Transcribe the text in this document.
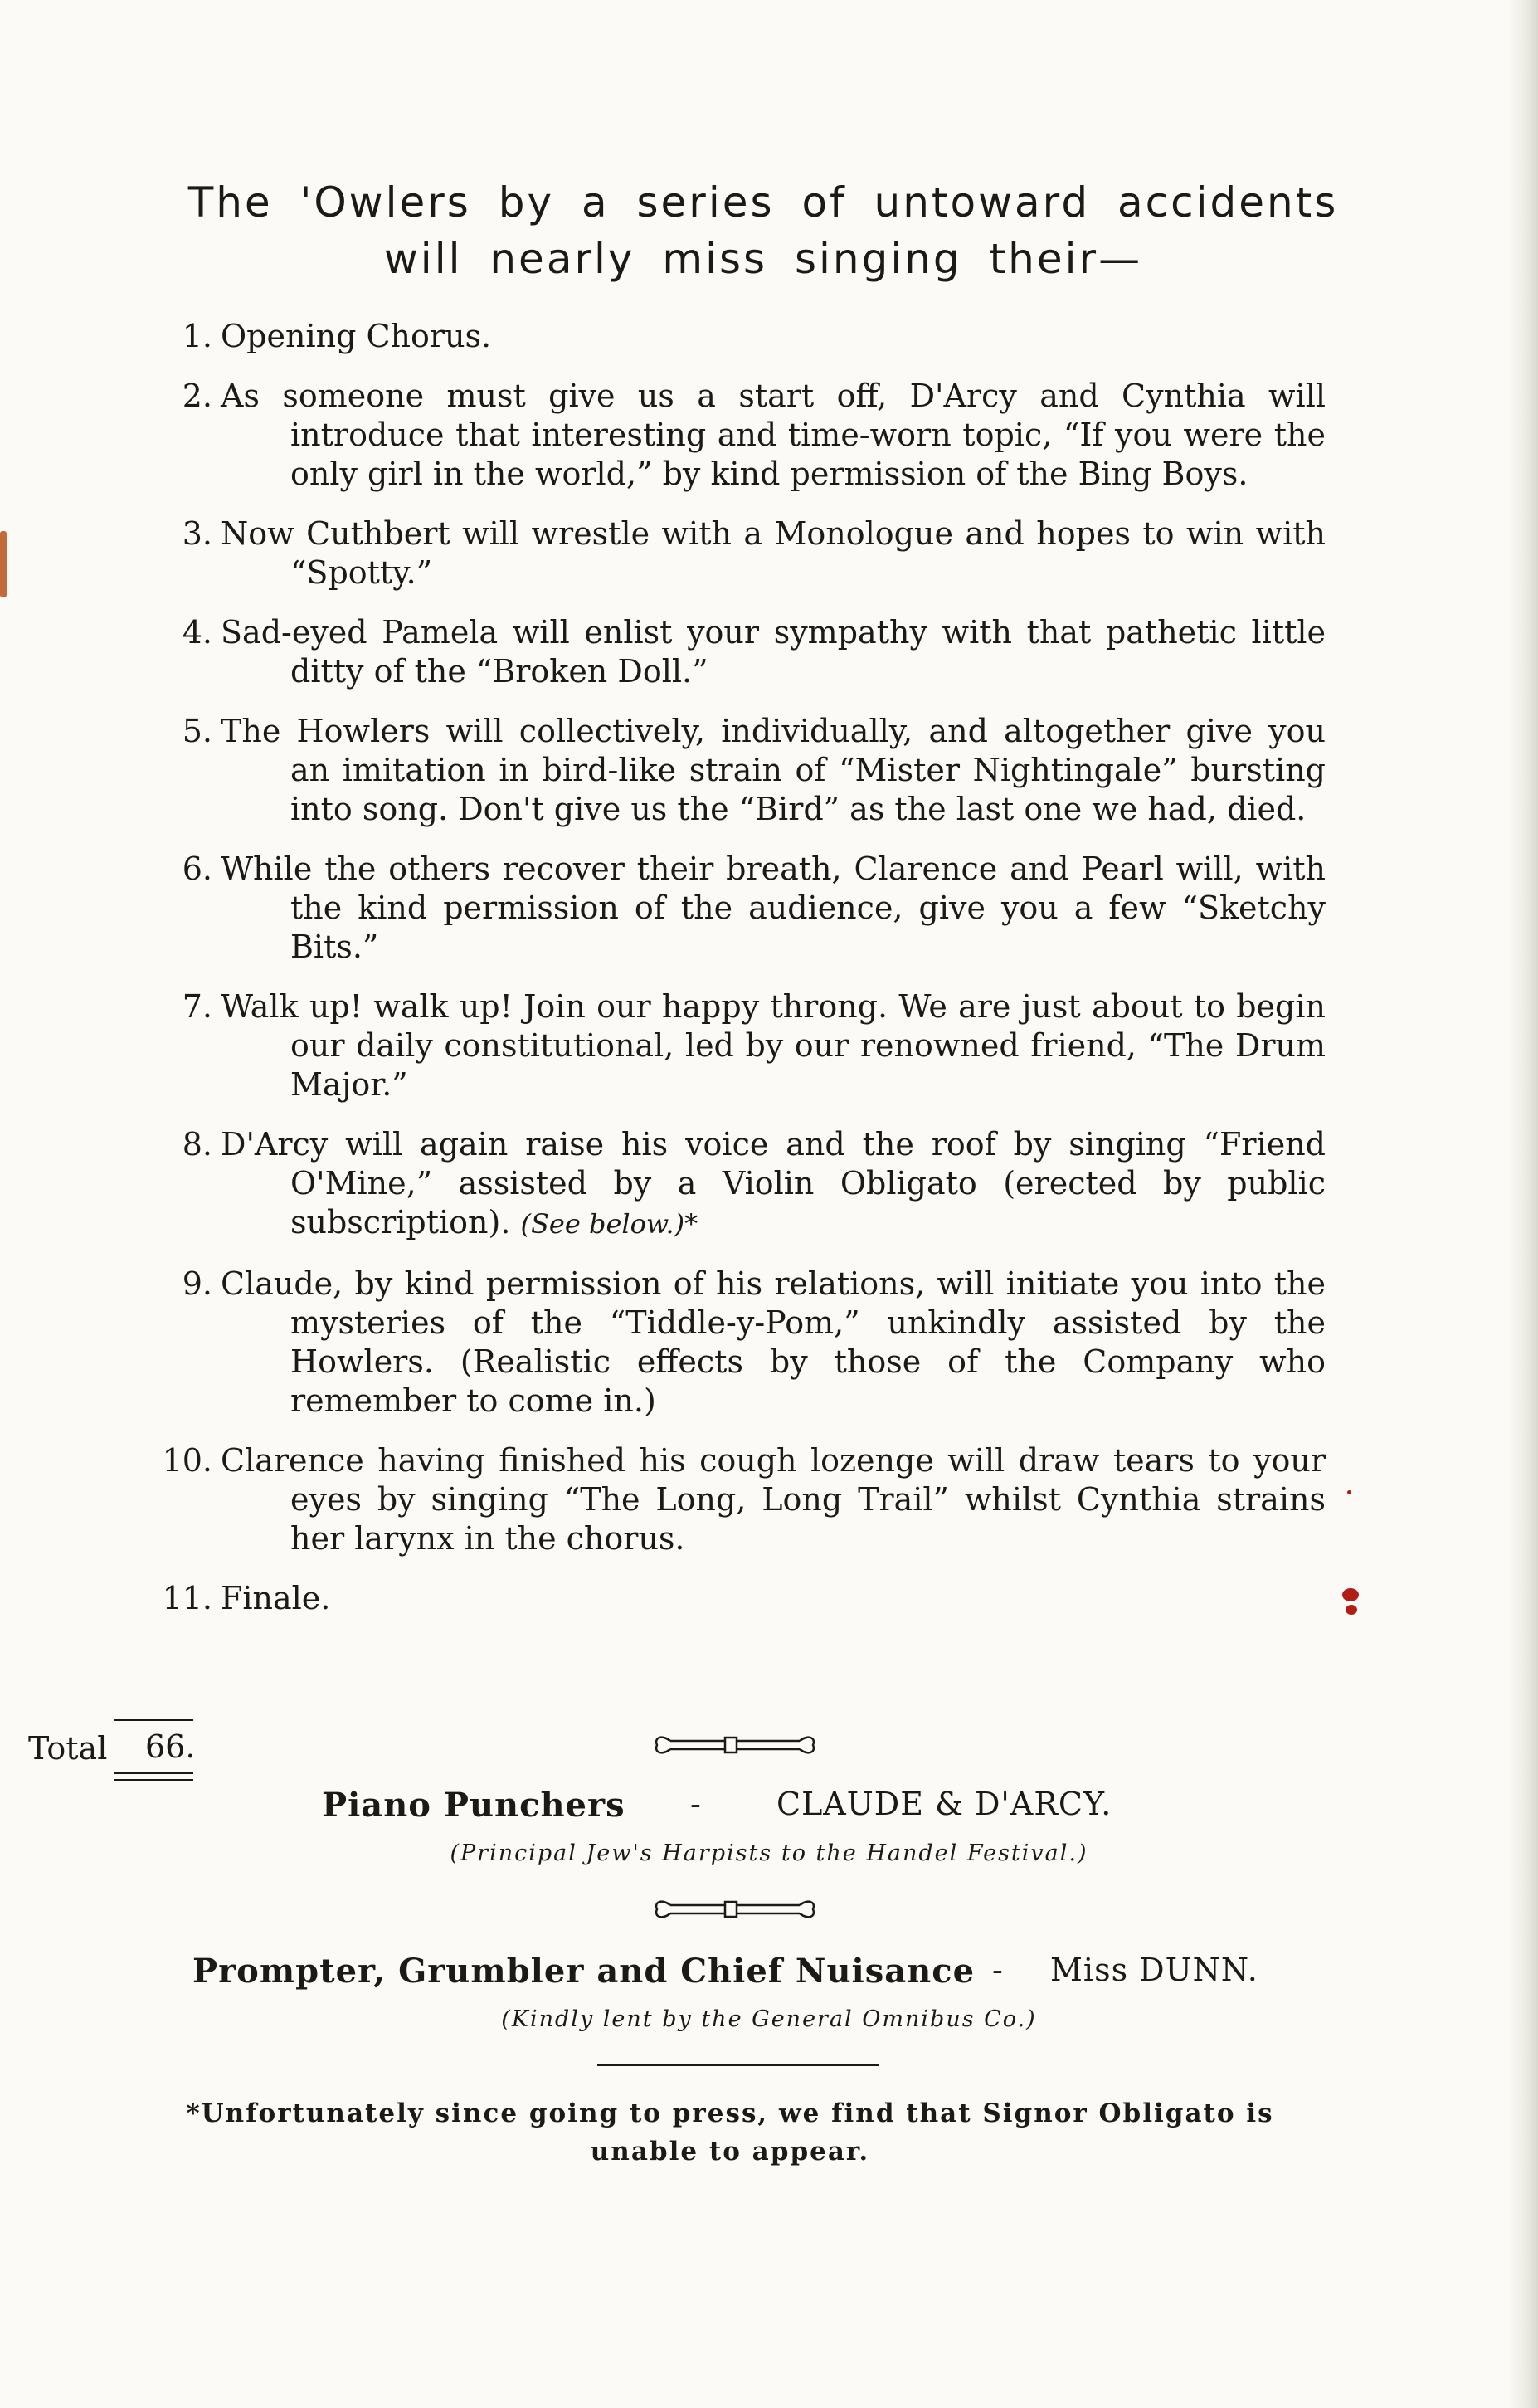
The 'Owlers by a series of untoward accidents
will nearly miss singing their—
1. Opening Chorus.
2. As someone must give us a start off, D'Arcy and Cynthia will introduce that interesting and time-worn topic, “If you were the only girl in the world,” by kind permission of the Bing Boys.
3. Now Cuthbert will wrestle with a Monologue and hopes to win with “Spotty.”
4. Sad-eyed Pamela will enlist your sympathy with that pathetic little ditty of the “Broken Doll.”
5. The Howlers will collectively, individually, and altogether give you an imitation in bird-like strain of “Mister Nightingale” bursting into song. Don't give us the “Bird” as the last one we had, died.
6. While the others recover their breath, Clarence and Pearl will, with the kind permission of the audience, give you a few “Sketchy Bits.”
7. Walk up! walk up! Join our happy throng. We are just about to begin our daily constitutional, led by our renowned friend, “The Drum Major.”
8. D'Arcy will again raise his voice and the roof by singing “Friend O'Mine,” assisted by a Violin Obligato (erected by public subscription). (See below.)*
9. Claude, by kind permission of his relations, will initiate you into the mysteries of the “Tiddle-y-Pom,” unkindly assisted by the Howlers. (Realistic effects by those of the Company who remember to come in.)
10. Clarence having finished his cough lozenge will draw tears to your eyes by singing “The Long, Long Trail” whilst Cynthia strains her larynx in the chorus.
11. Finale.
Total 66.
Piano Punchers - CLAUDE & D'ARCY.
(Principal Jew's Harpists to the Handel Festival.)
Prompter, Grumbler and Chief Nuisance - Miss DUNN.
(Kindly lent by the General Omnibus Co.)
*Unfortunately since going to press, we find that Signor Obligato is unable to appear.
